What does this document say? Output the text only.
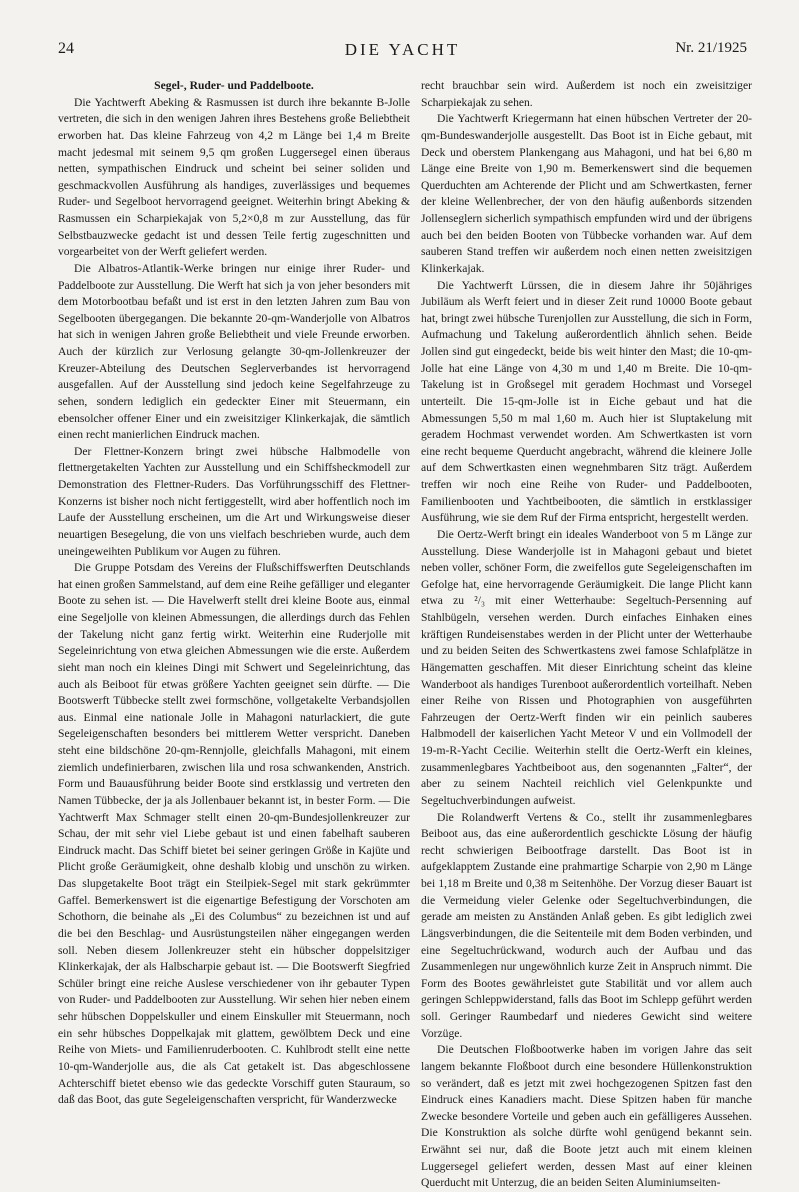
24	DIE YACHT	Nr. 21/1925
Segel-, Ruder- und Paddelboote.

Die Yachtwerft Abeking & Rasmussen ist durch ihre bekannte B-Jolle vertreten, die sich in den wenigen Jahren ihres Bestehens große Beliebtheit erworben hat. Das kleine Fahrzeug von 4,2 m Länge bei 1,4 m Breite macht jedesmal mit seinem 9,5 qm großen Luggersegel einen überaus netten, sympathischen Eindruck und scheint bei seiner soliden und geschmackvollen Ausführung als handiges, zuverlässiges und bequemes Ruder- und Segelboot hervorragend geeignet. Weiterhin bringt Abeking & Rasmussen ein Scharpiekajak von 5,2×0,8 m zur Ausstellung, das für Selbstbauzwecke gedacht ist und dessen Teile fertig zugeschnitten und vorgearbeitet von der Werft geliefert werden.

Die Albatros-Atlantik-Werke bringen nur einige ihrer Ruder- und Paddelboote zur Ausstellung. Die Werft hat sich ja von jeher besonders mit dem Motorbootbau befaßt und ist erst in den letzten Jahren zum Bau von Segelbooten übergegangen. Die bekannte 20-qm-Wanderjolle von Albatros hat sich in wenigen Jahren große Beliebtheit und viele Freunde erworben. Auch der kürzlich zur Verlosung gelangte 30-qm-Jollenkreuzer der Kreuzer-Abteilung des Deutschen Seglerverbandes ist hervorragend ausgefallen. Auf der Ausstellung sind jedoch keine Segelfahrzeuge zu sehen, sondern lediglich ein gedeckter Einer mit Steuermann, ein ebensolcher offener Einer und ein zweisitziger Klinkerkajak, die sämtlich einen recht manierlichen Eindruck machen.

Der Flettner-Konzern bringt zwei hübsche Halbmodelle von flettnergetakelten Yachten zur Ausstellung und ein Schiffsheckmodell zur Demonstration des Flettner-Ruders. Das Vorführungsschiff des Flettner-Konzerns ist bisher noch nicht fertiggestellt, wird aber hoffentlich noch im Laufe der Ausstellung erscheinen, um die Art und Wirkungsweise dieser neuartigen Besegelung, die von uns vielfach beschrieben wurde, auch dem uneingeweihten Publikum vor Augen zu führen.

Die Gruppe Potsdam des Vereins der Flußschiffswerften Deutschlands hat einen großen Sammelstand, auf dem eine Reihe gefälliger und eleganter Boote zu sehen ist. — Die Havelwerft stellt drei kleine Boote aus, einmal eine Segeljolle von kleinen Abmessungen, die allerdings durch das Fehlen der Takelung nicht ganz fertig wirkt. Weiterhin eine Ruderjolle mit Segeleinrichtung von etwa gleichen Abmessungen wie die erste. Außerdem sieht man noch ein kleines Dingi mit Schwert und Segeleinrichtung, das auch als Beiboot für etwas größere Yachten geeignet sein dürfte. — Die Bootswerft Tübbecke stellt zwei formschöne, vollgetakelte Verbandsjollen aus. Einmal eine nationale Jolle in Mahagoni naturlackiert, die gute Segeleigenschaften besonders bei mittlerem Wetter verspricht. Daneben steht eine bildschöne 20-qm-Rennjolle, gleichfalls Mahagoni, mit einem ziemlich undefinierbaren, zwischen lila und rosa schwankenden, Anstrich. Form und Bauausführung beider Boote sind erstklassig und vertreten den Namen Tübbecke, der ja als Jollenbauer bekannt ist, in bester Form. — Die Yachtwerft Max Schmager stellt einen 20-qm-Bundesjollenkreuzer zur Schau, der mit sehr viel Liebe gebaut ist und einen fabelhaft sauberen Eindruck macht. Das Schiff bietet bei seiner geringen Größe in Kajüte und Plicht große Geräumigkeit, ohne deshalb klobig und unschön zu wirken. Das slupgetakelte Boot trägt ein Steilpiek-Segel mit stark gekrümmter Gaffel. Bemerkenswert ist die eigenartige Befestigung der Vorschoten am Schothorn, die beinahe als „Ei des Columbus“ zu bezeichnen ist und auf die bei den Beschlag- und Ausrüstungsteilen näher eingegangen werden soll. Neben diesem Jollenkreuzer steht ein hübscher doppelsitziger Klinkerkajak, der als Halbscharpie gebaut ist. — Die Bootswerft Siegfried Schüler bringt eine reiche Auslese verschiedener von ihr gebauter Typen von Ruder- und Paddelbooten zur Ausstellung. Wir sehen hier neben einem sehr hübschen Doppelskuller und einem Einskuller mit Steuermann, noch ein sehr hübsches Doppelkajak mit glattem, gewölbtem Deck und eine Reihe von Miets- und Familienruderbooten. C. Kuhlbrodt stellt eine nette 10-qm-Wanderjolle aus, die als Cat getakelt ist. Das abgeschlossene Achterschiff bietet ebenso wie das gedeckte Vorschiff guten Stauraum, so daß das Boot, das gute Segeleigenschaften verspricht, für Wanderzwecke

recht brauchbar sein wird. Außerdem ist noch ein zweisitziger Scharpiekajak zu sehen.

Die Yachtwerft Kriegermann hat einen hübschen Vertreter der 20-qm-Bundeswanderjolle ausgestellt. Das Boot ist in Eiche gebaut, mit Deck und oberstem Plankengang aus Mahagoni, und hat bei 6,80 m Länge eine Breite von 1,90 m. Bemerkenswert sind die bequemen Querduchten am Achterende der Plicht und am Schwertkasten, ferner der kleine Wellenbrecher, der von den häufig außenbords sitzenden Jollenseglern sicherlich sympathisch empfunden wird und der übrigens auch bei den beiden Booten von Tübbecke vorhanden war. Auf dem sauberen Stand treffen wir außerdem noch einen netten zweisitzigen Klinkerkajak.

Die Yachtwerft Lürssen, die in diesem Jahre ihr 50jähriges Jubiläum als Werft feiert und in dieser Zeit rund 10000 Boote gebaut hat, bringt zwei hübsche Turenjollen zur Ausstellung, die sich in Form, Aufmachung und Takelung außerordentlich ähnlich sehen. Beide Jollen sind gut eingedeckt, beide bis weit hinter den Mast; die 10-qm-Jolle hat eine Länge von 4,30 m und 1,40 m Breite. Die 10-qm-Takelung ist in Großsegel mit geradem Hochmast und Vorsegel unterteilt. Die 15-qm-Jolle ist in Eiche gebaut und hat die Abmessungen 5,50 m mal 1,60 m. Auch hier ist Sluptakelung mit geradem Hochmast verwendet worden. Am Schwertkasten ist vorn eine recht bequeme Querducht angebracht, während die kleinere Jolle auf dem Schwertkasten einen wegnehmbaren Sitz trägt. Außerdem treffen wir noch eine Reihe von Ruder- und Paddelbooten, Familienbooten und Yachtbeibooten, die sämtlich in erstklassiger Ausführung, wie sie dem Ruf der Firma entspricht, hergestellt werden.

Die Oertz-Werft bringt ein ideales Wanderboot von 5 m Länge zur Ausstellung. Diese Wanderjolle ist in Mahagoni gebaut und bietet neben voller, schöner Form, die zweifellos gute Segeleigenschaften im Gefolge hat, eine hervorragende Geräumigkeit. Die lange Plicht kann etwa zu ²/₃ mit einer Wetterhaube: Segeltuch-Persenning auf Stahlbügeln, versehen werden. Durch einfaches Einhaken eines kräftigen Rundeisenstabes werden in der Plicht unter der Wetterhaube und zu beiden Seiten des Schwertkastens zwei famose Schlafplätze in Hängematten geschaffen. Mit dieser Einrichtung scheint das kleine Wanderboot als handiges Turenboot außerordentlich vorteilhaft. Neben einer Reihe von Rissen und Photographien von ausgeführten Fahrzeugen der Oertz-Werft finden wir ein peinlich sauberes Halbmodell der kaiserlichen Yacht Meteor V und ein Vollmodell der 19-m-R-Yacht Cecilie. Weiterhin stellt die Oertz-Werft ein kleines, zusammenlegbares Yachtbeiboot aus, den sogenannten „Falter“, der aber zu seinem Nachteil reichlich viel Gelenkpunkte und Segeltuchverbindungen aufweist.

Die Rolandwerft Vertens & Co., stellt ihr zusammenlegbares Beiboot aus, das eine außerordentlich geschickte Lösung der häufig recht schwierigen Beibootfrage darstellt. Das Boot ist in aufgeklapptem Zustande eine prahmartige Scharpie von 2,90 m Länge bei 1,18 m Breite und 0,38 m Seitenhöhe. Der Vorzug dieser Bauart ist die Vermeidung vieler Gelenke oder Segeltuchverbindungen, die gerade am meisten zu Anständen Anlaß geben. Es gibt lediglich zwei Längsverbindungen, die die Seitenteile mit dem Boden verbinden, und eine Segeltuchrückwand, wodurch auch der Aufbau und das Zusammenlegen nur ungewöhnlich kurze Zeit in Anspruch nimmt. Die Form des Bootes gewährleistet gute Stabilität und vor allem auch geringen Schleppwiderstand, falls das Boot im Schlepp geführt werden soll. Geringer Raumbedarf und niederes Gewicht sind weitere Vorzüge.

Die Deutschen Floßbootwerke haben im vorigen Jahre das seit langem bekannte Floßboot durch eine besondere Hüllenkonstruktion so verändert, daß es jetzt mit zwei hochgezogenen Spitzen fast den Eindruck eines Kanadiers macht. Diese Spitzen haben für manche Zwecke besondere Vorteile und geben auch ein gefälligeres Aussehen. Die Konstruktion als solche dürfte wohl genügend bekannt sein. Erwähnt sei nur, daß die Boote jetzt auch mit einem kleinen Luggersegel geliefert werden, dessen Mast auf einer kleinen Querducht mit Unterzug, die an beiden Seiten Aluminiumseiten-
